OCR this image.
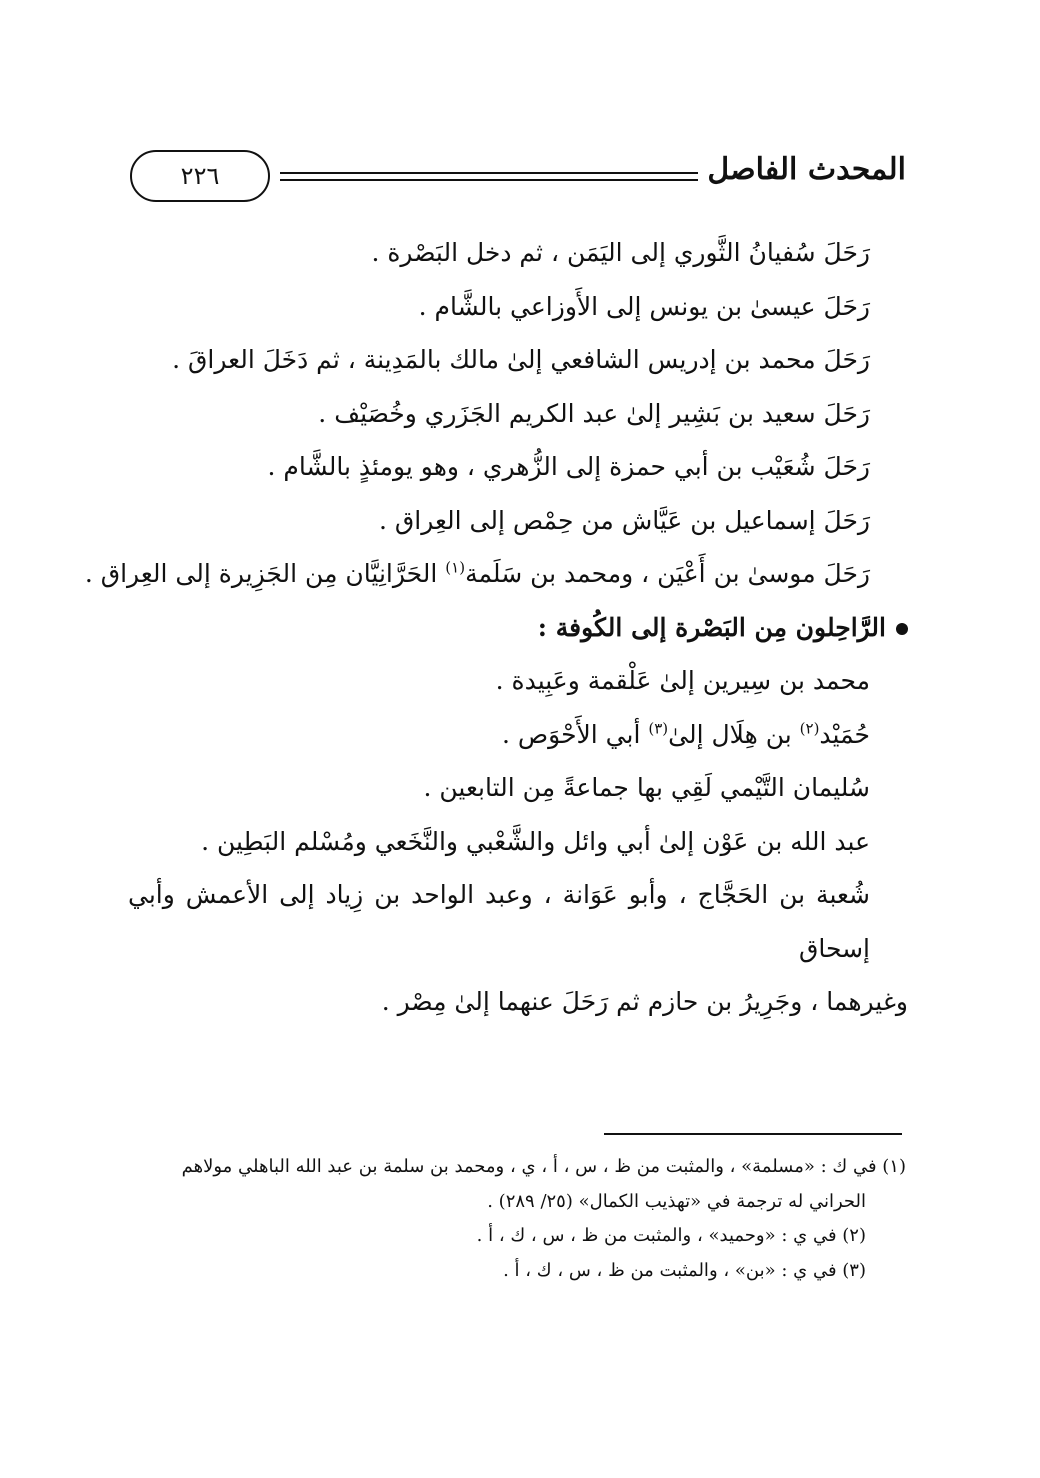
المحدث الفاصل
٢٢٦
رَحَلَ سُفيانُ الثَّوري إلى اليَمَن ، ثم دخل البَصْرة .
رَحَلَ عيسىٰ بن يونس إلى الأَوزاعي بالشَّام .
رَحَلَ محمد بن إدريس الشافعي إلىٰ مالك بالمَدِينة ، ثم دَخَلَ العراقَ .
رَحَلَ سعيد بن بَشِير إلىٰ عبد الكريم الجَزَري وخُصَيْف .
رَحَلَ شُعَيْب بن أبي حمزة إلى الزُّهري ، وهو يومئذٍ بالشَّام .
رَحَلَ إسماعيل بن عَيَّاش من حِمْص إلى العِراق .
رَحَلَ موسىٰ بن أَعْيَن ، ومحمد بن سَلَمة$^{(١)}$ الحَرَّانِيَّان مِن الجَزِيرة إلى العِراق .
الرَّاحِلون مِن البَصْرة إلى الكُوفة :
محمد بن سِيرين إلىٰ عَلْقمة وعَبِيدة .
حُمَيْد$^{(٢)}$ بن هِلَال إلىٰ$^{(٣)}$ أبي الأَحْوَص .
سُليمان التَّيْمي لَقِي بها جماعةً مِن التابعين .
عبد الله بن عَوْن إلىٰ أبي وائل والشَّعْبي والنَّخَعي ومُسْلم البَطِين .
شُعبة بن الحَجَّاج ، وأبو عَوَانة ، وعبد الواحد بن زِياد إلى الأعمش وأبي إسحاق
وغيرهما ، وجَرِيرُ بن حازم ثم رَحَلَ عنهما إلىٰ مِصْر .
(١) في ك : «مسلمة» ، والمثبت من ظ ، س ، أ ، ي ، ومحمد بن سلمة بن عبد الله الباهلي مولاهم
الحراني له ترجمة في «تهذيب الكمال» (٢٥/ ٢٨٩) .
(٢) في ي : «وحميد» ، والمثبت من ظ ، س ، ك ، أ .
(٣) في ي : «بن» ، والمثبت من ظ ، س ، ك ، أ .
